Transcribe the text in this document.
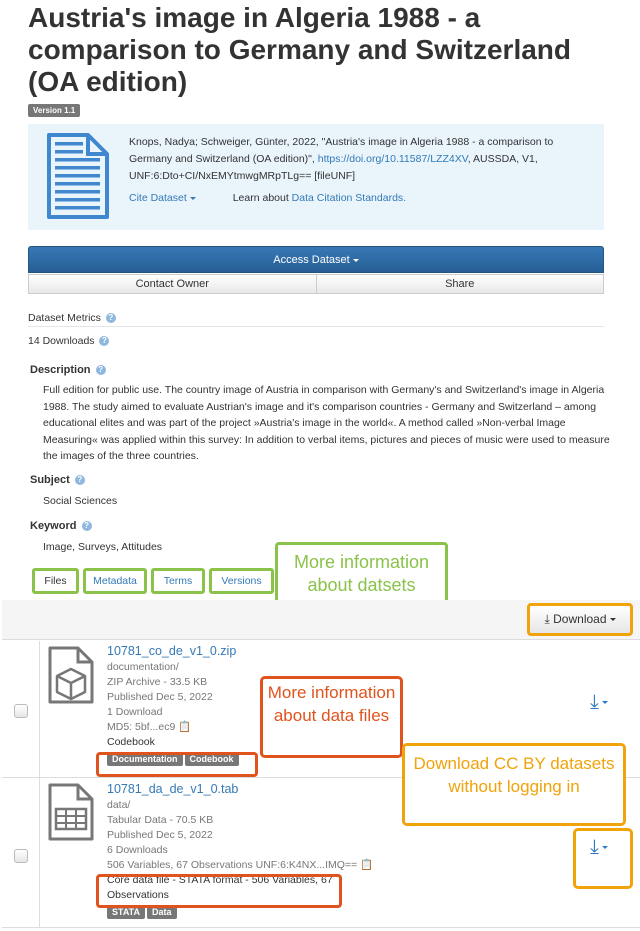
Austria's image in Algeria 1988 - a comparison to Germany and Switzerland (OA edition)
Version 1.1
Knops, Nadya; Schweiger, Günter, 2022, "Austria's image in Algeria 1988 - a comparison to Germany and Switzerland (OA edition)", https://doi.org/10.11587/LZZ4XV, AUSSDA, V1, UNF:6:Dto+CI/NxEMYtmwgMRpTLg== [fileUNF]
Cite Dataset	Learn about Data Citation Standards.
Access Dataset
Contact Owner	Share
Dataset Metrics ?
14 Downloads ?
Description ?
Full edition for public use. The country image of Austria in comparison with Germany's and Switzerland's image in Algeria 1988. The study aimed to evaluate Austrian's image and it's comparison countries - Germany and Switzerland – among educational elites and was part of the project »Austria's image in the world«. A method called »Non-verbal Image Measuring« was applied within this survey: In addition to verbal items, pictures and pieces of music were used to measure the images of the three countries.
Subject ?
Social Sciences
Keyword ?
Image, Surveys, Attitudes
Files	Metadata	Terms	Versions
More information about datsets
⤓ Download
10781_co_de_v1_0.zip
documentation/
ZIP Archive - 33.5 KB
Published Dec 5, 2022
1 Download
MD5: 5bf...ec9 📋
Codebook
Documentation Codebook
⤓
10781_da_de_v1_0.tab
data/
Tabular Data - 70.5 KB
Published Dec 5, 2022
6 Downloads
506 Variables, 67 Observations UNF:6:K4NX...IMQ== 📋
Core data file - STATA format - 506 Variables, 67 Observations
STATA Data
⤓
More information about data files
Download CC BY datasets without logging in
